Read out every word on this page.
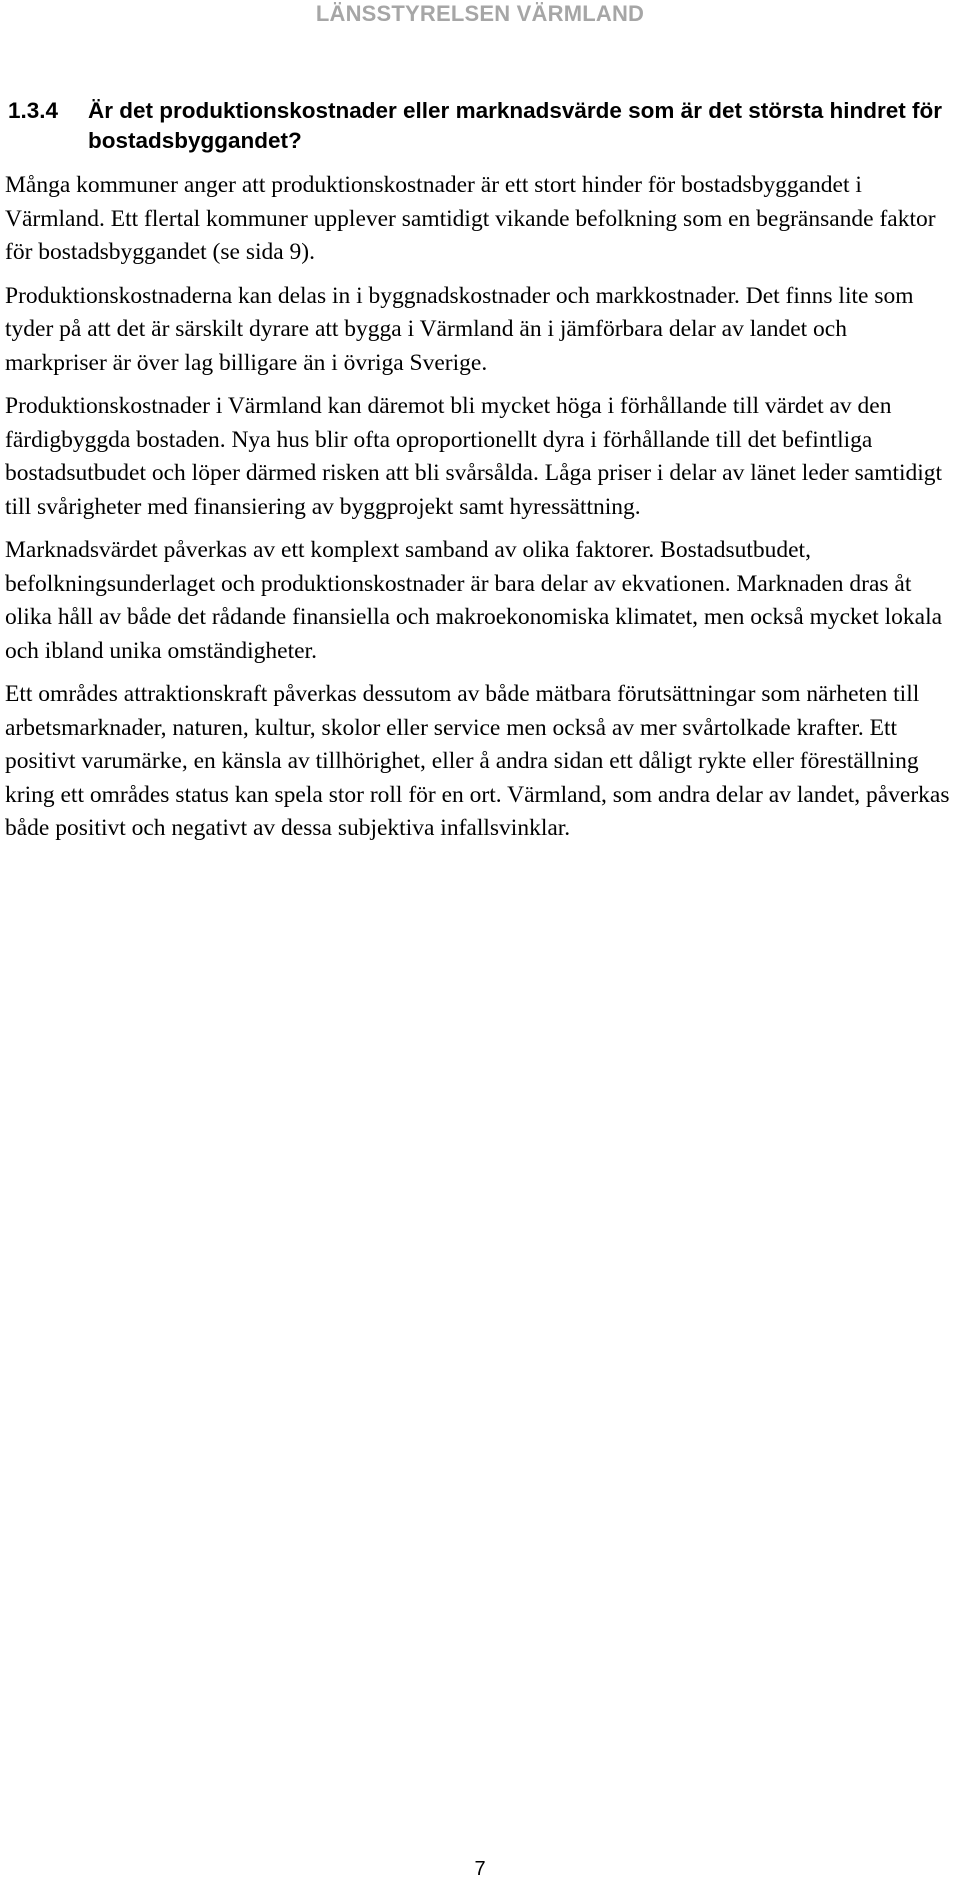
LÄNSSTYRELSEN VÄRMLAND
1.3.4	Är det produktionskostnader eller marknadsvärde som är det största hindret för bostadsbyggandet?

Många kommuner anger att produktionskostnader är ett stort hinder för bostadsbyggandet i Värmland. Ett flertal kommuner upplever samtidigt vikande befolkning som en begränsande faktor för bostadsbyggandet (se sida 9).

Produktionskostnaderna kan delas in i byggnadskostnader och markkostnader. Det finns lite som tyder på att det är särskilt dyrare att bygga i Värmland än i jämförbara delar av landet och markpriser är över lag billigare än i övriga Sverige.

Produktionskostnader i Värmland kan däremot bli mycket höga i förhållande till värdet av den färdigbyggda bostaden. Nya hus blir ofta oproportionellt dyra i förhållande till det befintliga bostadsutbudet och löper därmed risken att bli svårsålda. Låga priser i delar av länet leder samtidigt till svårigheter med finansiering av byggprojekt samt hyressättning.

Marknadsvärdet påverkas av ett komplext samband av olika faktorer. Bostadsutbudet, befolkningsunderlaget och produktionskostnader är bara delar av ekvationen. Marknaden dras åt olika håll av både det rådande finansiella och makroekonomiska klimatet, men också mycket lokala och ibland unika omständigheter.

Ett områdes attraktionskraft påverkas dessutom av både mätbara förutsättningar som närheten till arbetsmarknader, naturen, kultur, skolor eller service men också av mer svårtolkade krafter. Ett positivt varumärke, en känsla av tillhörighet, eller å andra sidan ett dåligt rykte eller föreställning kring ett områdes status kan spela stor roll för en ort. Värmland, som andra delar av landet, påverkas både positivt och negativt av dessa subjektiva infallsvinklar.

7
